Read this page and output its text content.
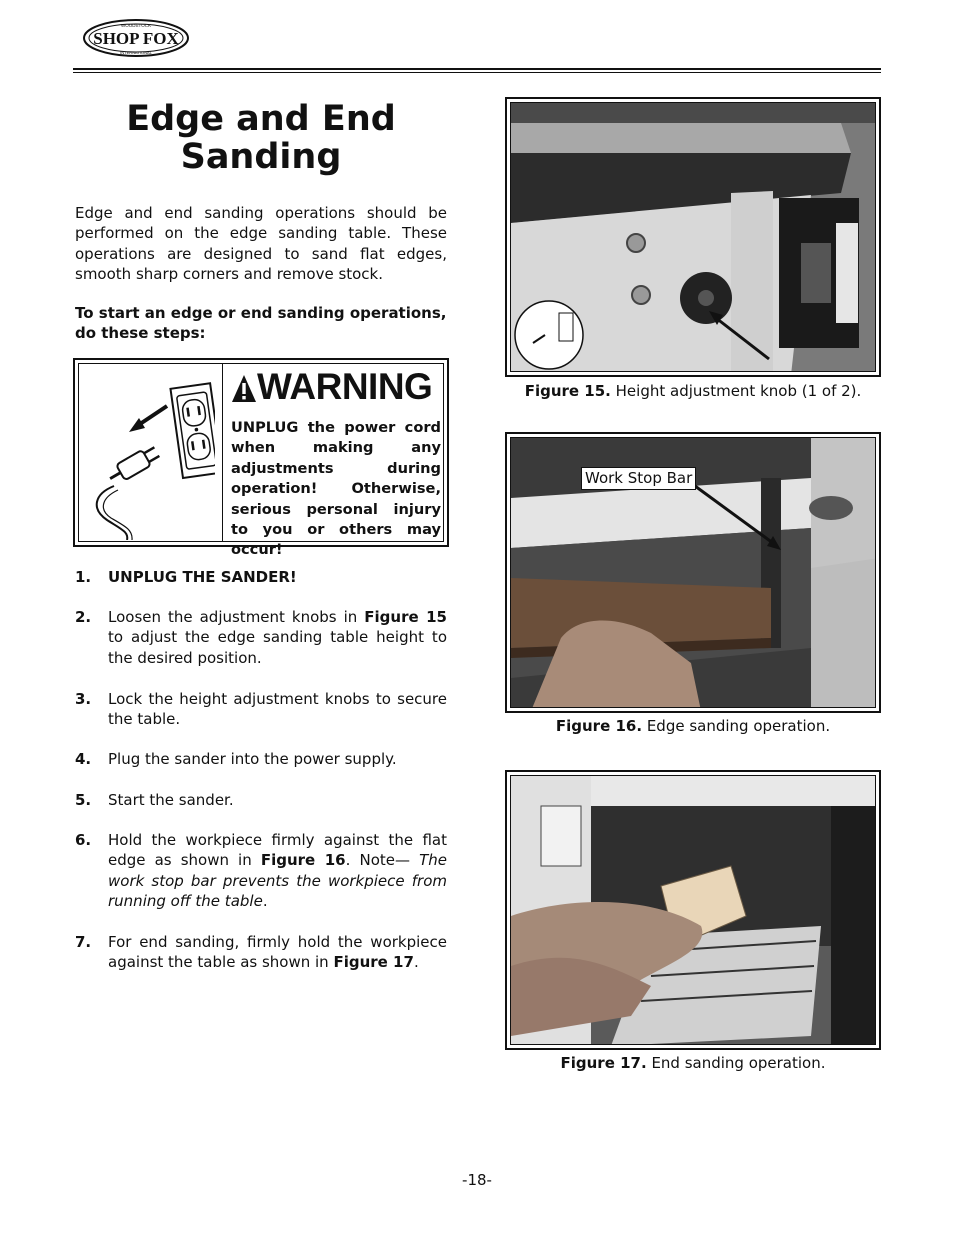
SHOP FOX
WOODSTOCK
INTERNATIONAL
Edge and End Sanding

Edge and end sanding operations should be performed on the edge sanding table. These operations are designed to sand flat edges, smooth sharp corners and remove stock.

To start an edge or end sanding operations, do these steps:

WARNING

UNPLUG the power cord when making any adjustments during operation! Otherwise, serious personal injury to you or others may occur!

1. UNPLUG THE SANDER!
2. Loosen the adjustment knobs in Figure 15 to adjust the edge sanding table height to the desired position.
3. Lock the height adjustment knobs to secure the table.
4. Plug the sander into the power supply.
5. Start the sander.
6. Hold the workpiece firmly against the flat edge as shown in Figure 16. Note— The work stop bar prevents the workpiece from running off the table.
7. For end sanding, firmly hold the workpiece against the table as shown in Figure 17.
Figure 15. Height adjustment knob (1 of 2).
Work Stop Bar
Figure 16. Edge sanding operation.
Figure 17. End sanding operation.
-18-
